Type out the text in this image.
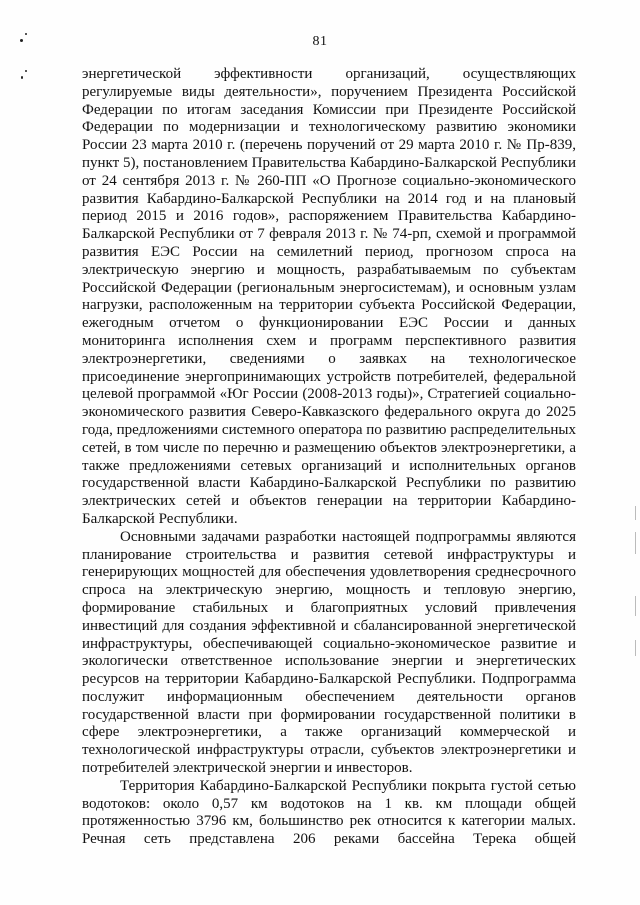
81

энергетической эффективности организаций, осуществляющих регулируемые виды деятельности», поручением Президента Российской Федерации по итогам заседания Комиссии при Президенте Российской Федерации по модернизации и технологическому развитию экономики России 23 марта 2010 г. (перечень поручений от 29 марта 2010 г. № Пр-839, пункт 5), постановлением Правительства Кабардино-Балкарской Республики от 24 сентября 2013 г. № 260-ПП «О Прогнозе социально-экономического развития Кабардино-Балкарской Республики на 2014 год и на плановый период 2015 и 2016 годов», распоряжением Правительства Кабардино-Балкарской Республики от 7 февраля 2013 г. № 74-рп, схемой и программой развития ЕЭС России на семилетний период, прогнозом спроса на электрическую энергию и мощность, разрабатываемым по субъектам Российской Федерации (региональным энергосистемам), и основным узлам нагрузки, расположенным на территории субъекта Российской Федерации, ежегодным отчетом о функционировании ЕЭС России и данных мониторинга исполнения схем и программ перспективного развития электроэнергетики, сведениями о заявках на технологическое присоединение энергопринимающих устройств потребителей, федеральной целевой программой «Юг России (2008-2013 годы)», Стратегией социально-экономического развития Северо-Кавказского федерального округа до 2025 года, предложениями системного оператора по развитию распределительных сетей, в том числе по перечню и размещению объектов электроэнергетики, а также предложениями сетевых организаций и исполнительных органов государственной власти Кабардино-Балкарской Республики по развитию электрических сетей и объектов генерации на территории Кабардино-Балкарской Республики.

Основными задачами разработки настоящей подпрограммы являются планирование строительства и развития сетевой инфраструктуры и генерирующих мощностей для обеспечения удовлетворения среднесрочного спроса на электрическую энергию, мощность и тепловую энергию, формирование стабильных и благоприятных условий привлечения инвестиций для создания эффективной и сбалансированной энергетической инфраструктуры, обеспечивающей социально-экономическое развитие и экологически ответственное использование энергии и энергетических ресурсов на территории Кабардино-Балкарской Республики. Подпрограмма послужит информационным обеспечением деятельности органов государственной власти при формировании государственной политики в сфере электроэнергетики, а также организаций коммерческой и технологической инфраструктуры отрасли, субъектов электроэнергетики и потребителей электрической энергии и инвесторов.

Территория Кабардино-Балкарской Республики покрыта густой сетью водотоков: около 0,57 км водотоков на 1 кв. км площади общей протяженностью 3796 км, большинство рек относится к категории малых. Речная сеть представлена 206 реками бассейна Терека общей
